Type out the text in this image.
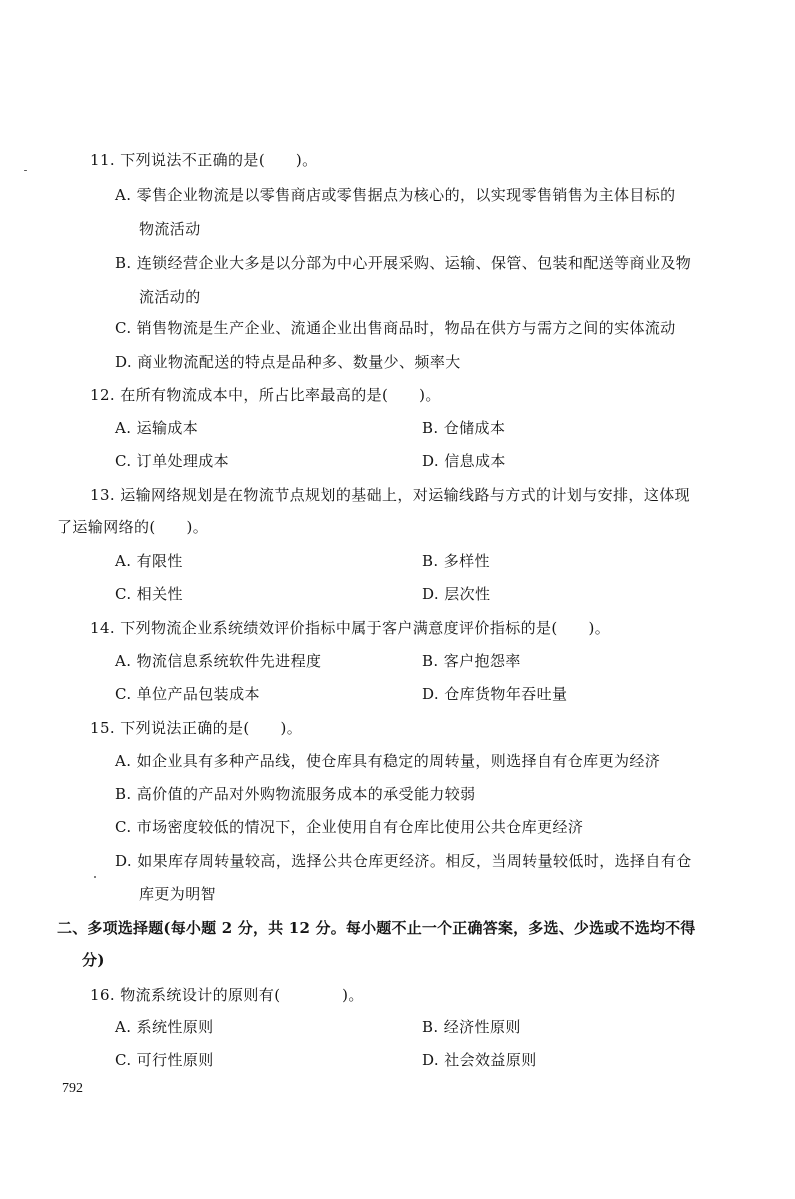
11. 下列说法不正确的是(　　)。
A. 零售企业物流是以零售商店或零售据点为核心的，以实现零售销售为主体目标的
物流活动
B. 连锁经营企业大多是以分部为中心开展采购、运输、保管、包装和配送等商业及物
流活动的
C. 销售物流是生产企业、流通企业出售商品时，物品在供方与需方之间的实体流动
D. 商业物流配送的特点是品种多、数量少、频率大
12. 在所有物流成本中，所占比率最高的是(　　)。
A. 运输成本	B. 仓储成本
C. 订单处理成本	D. 信息成本
13. 运输网络规划是在物流节点规划的基础上，对运输线路与方式的计划与安排，这体现
了运输网络的(　　)。
A. 有限性	B. 多样性
C. 相关性	D. 层次性
14. 下列物流企业系统绩效评价指标中属于客户满意度评价指标的是(　　)。
A. 物流信息系统软件先进程度	B. 客户抱怨率
C. 单位产品包装成本	D. 仓库货物年吞吐量
15. 下列说法正确的是(　　)。
A. 如企业具有多种产品线，使仓库具有稳定的周转量，则选择自有仓库更为经济
B. 高价值的产品对外购物流服务成本的承受能力较弱
C. 市场密度较低的情况下，企业使用自有仓库比使用公共仓库更经济
D. 如果库存周转量较高，选择公共仓库更经济。相反，当周转量较低时，选择自有仓
库更为明智
二、多项选择题(每小题 2 分，共 12 分。每小题不止一个正确答案，多选、少选或不选均不得
分)
16. 物流系统设计的原则有(　　　　)。
A. 系统性原则	B. 经济性原则
C. 可行性原则	D. 社会效益原则
792
